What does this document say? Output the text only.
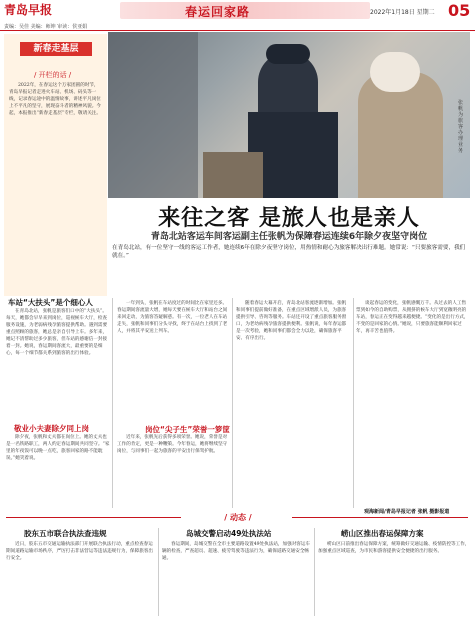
青岛早报	春运回家路	2022年1月18日 星期二 05
责编：吴佳 美编：师坤 审读：侯亚娟
新春走基层
/ 开栏的话 /
2022年，在春运这个万家团圆的时节，青岛早报记者走进火车站、机场、码头等一线，记录春运途中的温情故事，讲述平凡岗位上不平凡的坚守，展现奋斗者的精神风貌。今起，本报推出“新春走基层”专栏，敬请关注。
张帆为旅客办理业务
来往之客 是旅人也是亲人
青岛北站客运车间客运副主任张帆为保障春运连续6年除夕夜坚守岗位
在青岛北站，有一位坚守一线的客运工作者，她连续6年在除夕夜坚守岗位，用热情和耐心为旅客解决出行难题。她常说：“只要旅客需要，我们就在。”
车站“大扶头”是个细心人
在青岛北站，张帆是旅客们口中的“大扶头”。每天，她都会早早来到岗位，巡视候车大厅，检查服务设施，为老弱病残孕旅客提供帮助。遇到需要重点照顾的旅客，她总是亲自引导上车。多年来，她记不清帮助过多少旅客，但车站的感谢信一封接着一封。她说，春运期间客流大，最重要的是细心，每一个细节都关系到旅客的出行体验。
敬业小夫妻除夕同上岗
除夕夜，张帆和丈夫都在岗位上。她的丈夫也是一名铁路职工，两人约定春运期间共同坚守。“家里的年夜饭可以晚一点吃，旅客回家的路不能耽误。”她笑着说。
一年到头，张帆在车站度过的时间比在家里还多。春运期间客流量大增，她每天要在候车大厅和站台之间来回走动，为旅客答疑解惑。有一次，一位老人在车站走失，张帆和同事们分头寻找，终于在站台上找到了老人，并将其平安送上列车。
岗位“尖子生”荣誉一箩筐
近年来，张帆先后获得多项荣誉。她说，荣誉是对工作的肯定，更是一种鞭策。今年春运，她将继续坚守岗位，与同事们一起为旅客的平安出行保驾护航。
随着春运大幕开启，青岛北站客流逐渐增加。张帆和同事们提前做好准备，在重点区域增派人员，为旅客提供引导、咨询等服务。车站还开设了重点旅客服务窗口，为老幼病残孕旅客提供便利。张帆说，每年春运都是一次考验，她和同事们都会全力以赴，确保旅客平安、有序出行。
谈起春运的变化，张帆感慨万千。从过去的人工售票到如今的自助购票，从拥挤的候车大厅到宽敞明亮的车站，春运正在变得越来越便捷。“变化的是出行方式，不变的是回家的心情。”她说，只要旅客能顺利回家过年，再辛苦也值得。
观海新闻/青岛早报记者 张帆 摄影报道
/ 动态 /
胶东五市联合执法查违规
近日，胶东五市交通运输执法部门开展联合执法行动，重点检查春运期间道路运输市场秩序，严厉打击非法营运等违法违规行为，保障旅客出行安全。
岛城交警启动49处执法站
春运期间，岛城交警在全市主要道路设置49处执法站，加强对客运车辆的检查，严查超员、超速、疲劳驾驶等违法行为，确保道路交通安全畅通。
崂山区推出春运保障方案
崂山区日前推出春运保障方案，统筹做好交通运输、疫情防控等工作，加强重点区域巡查，为市民和游客提供安全便捷的出行服务。
